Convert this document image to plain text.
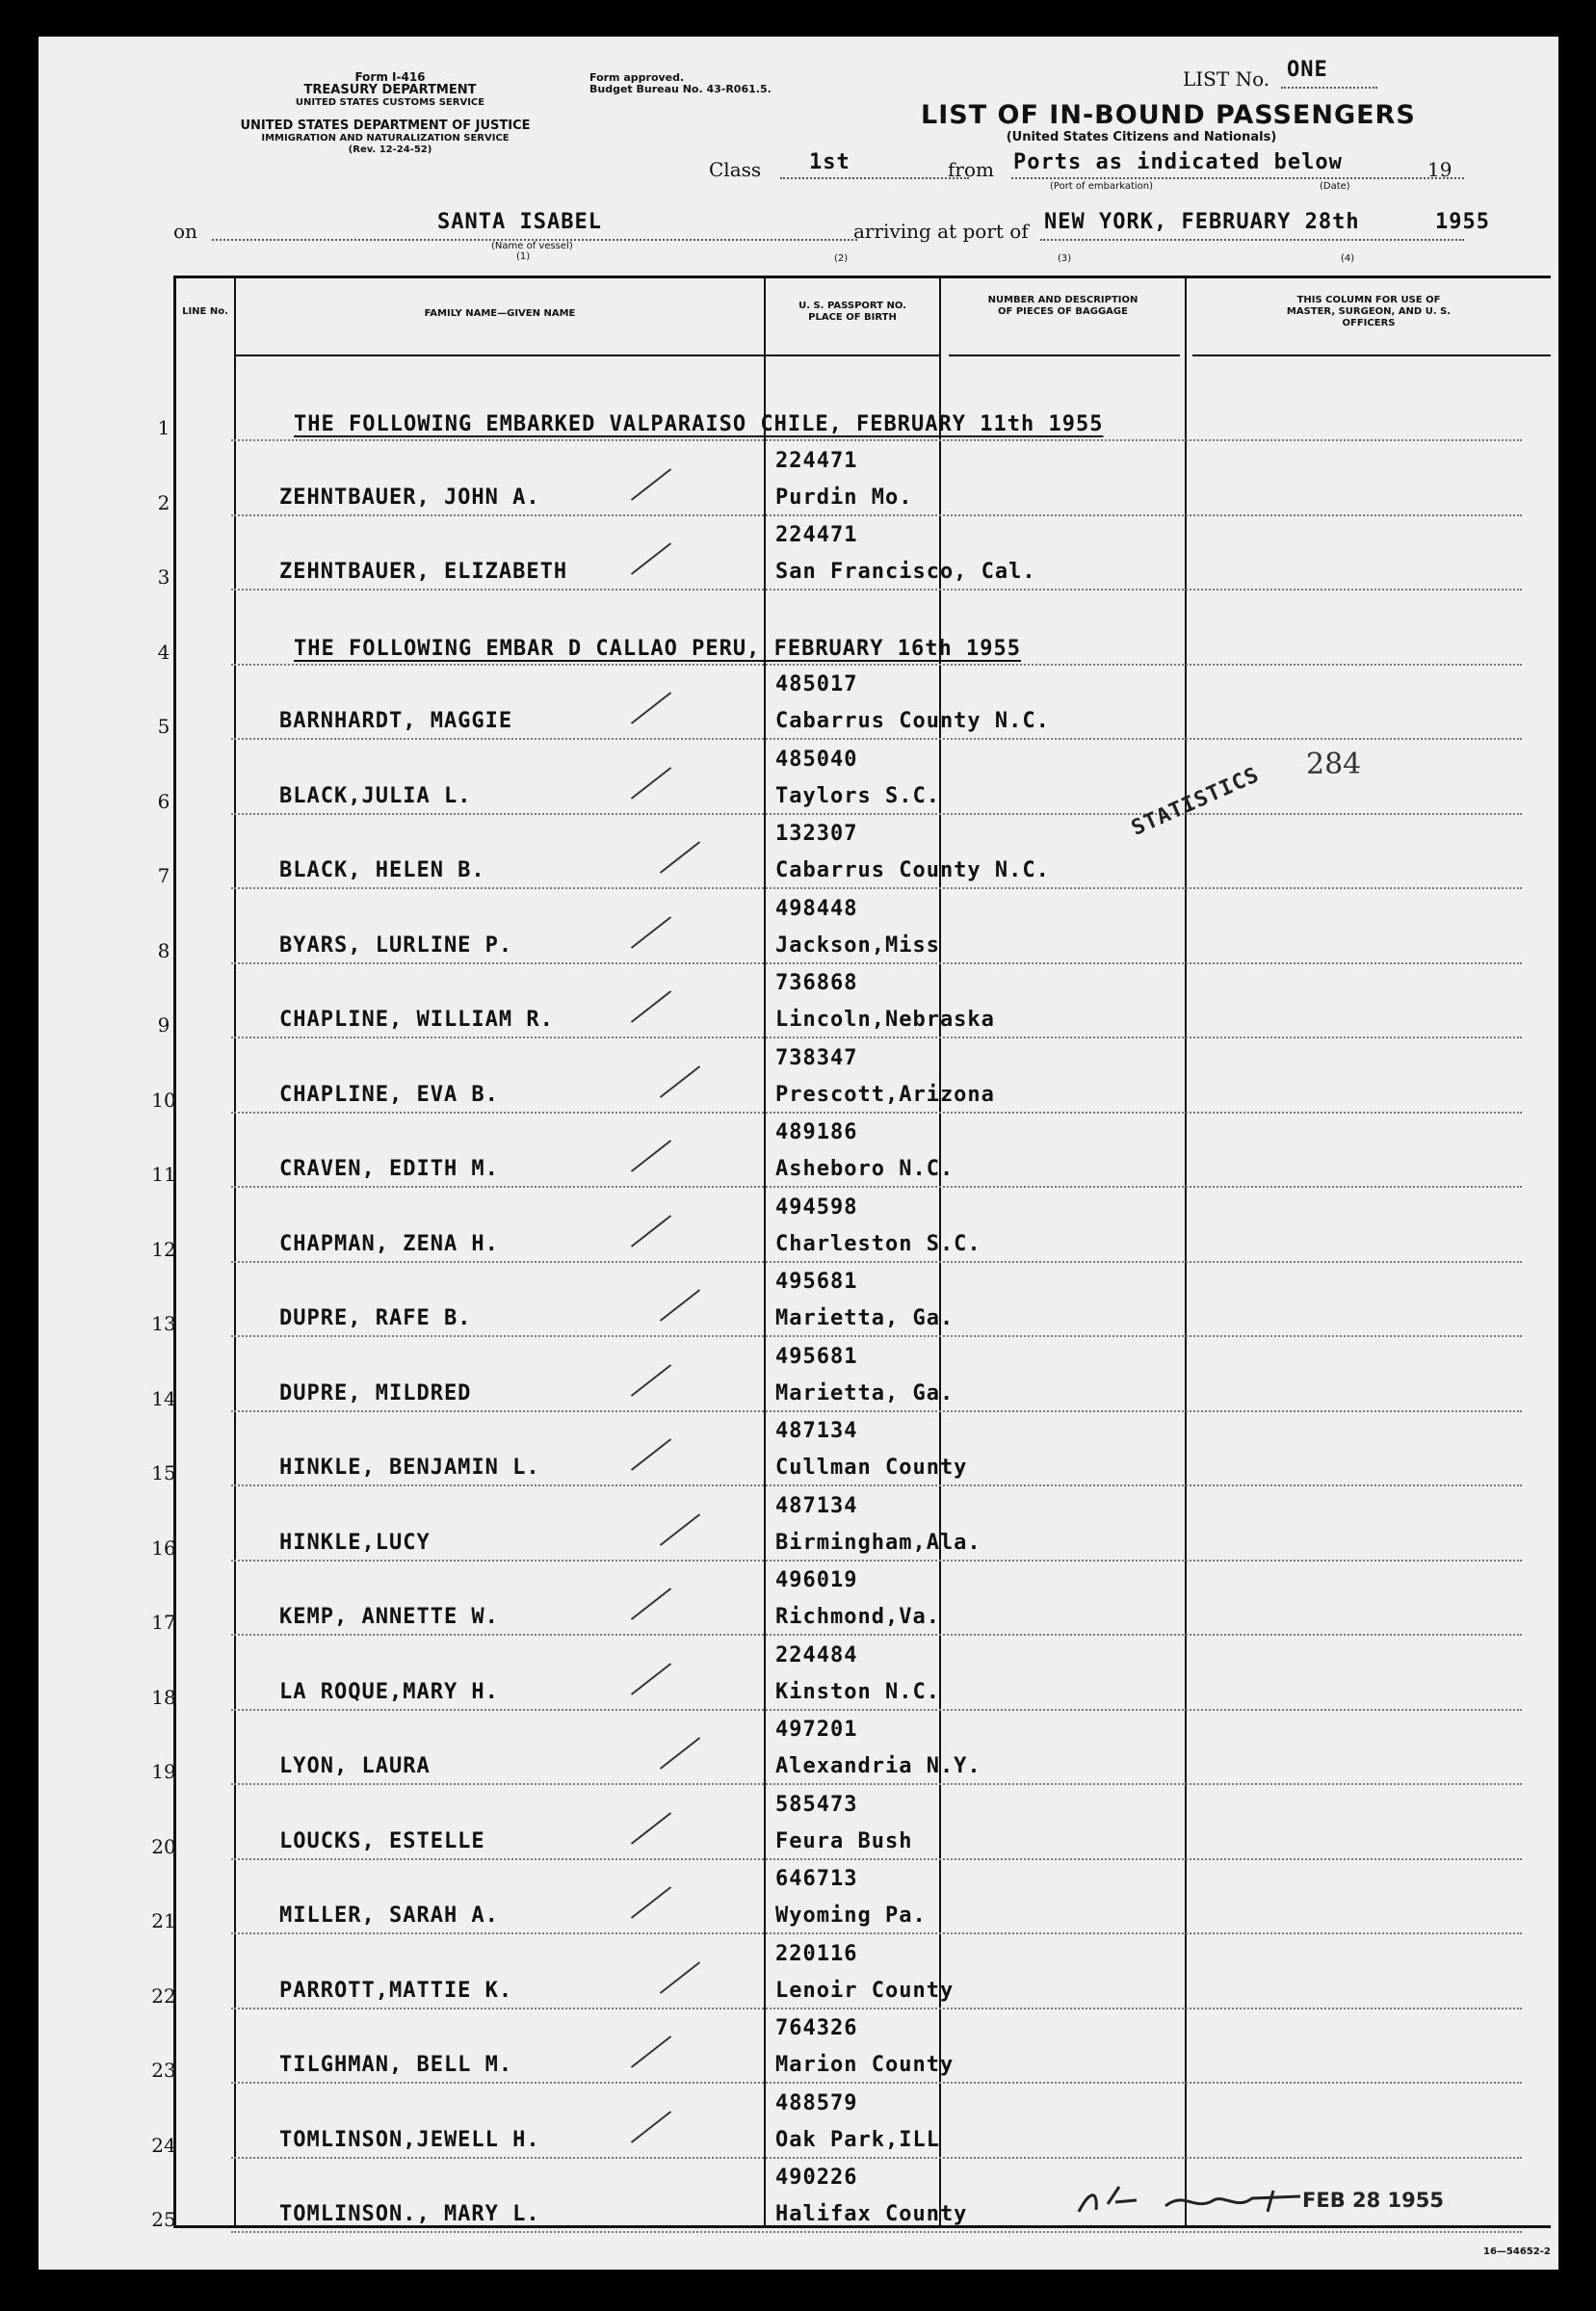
Form I-416
TREASURY DEPARTMENT
UNITED STATES CUSTOMS SERVICE
UNITED STATES DEPARTMENT OF JUSTICE
IMMIGRATION AND NATURALIZATION SERVICE
(Rev. 12-24-52)
Form approved.
Budget Bureau No. 43-R061.5.	LIST No. ONE
LIST OF IN-BOUND PASSENGERS
(United States Citizens and Nationals)
Class 1st	from Ports as indicated below
(Port of embarkation)	(Date)
19
on	SANTA ISABEL
(Name of vessel)
(1)
arriving at port of NEW YORK, FEBRUARY 28th	1955
(2)	(3)	(4)
LINE No.	FAMILY NAME—GIVEN NAME
U. S. PASSPORT NO. PLACE OF BIRTH
NUMBER AND DESCRIPTION OF PIECES OF BAGGAGE
THIS COLUMN FOR USE OF MASTER, SURGEON, AND U. S. OFFICERS
1	THE FOLLOWING EMBARKED VALPARAISO CHILE, FEBRUARY 11th 1955
2	ZEHNTBAUER, JOHN A.
224471
Purdin Mo.
3	ZEHNTBAUER, ELIZABETH
224471
San Francisco, Cal.
4	THE FOLLOWING EMBAR D CALLAO PERU, FEBRUARY 16th 1955
5	BARNHARDT, MAGGIE
485017
Cabarrus County N.C.
6	BLACK,JULIA L.
485040
Taylors S.C.
7	BLACK, HELEN B.
132307
Cabarrus County N.C.
8	BYARS, LURLINE P.
498448
Jackson,Miss
9	CHAPLINE, WILLIAM R.
736868
Lincoln,Nebraska
10	CHAPLINE, EVA B.
738347
Prescott,Arizona
11	CRAVEN, EDITH M.
489186
Asheboro N.C.
12	CHAPMAN, ZENA H.
494598
Charleston S.C.
13	DUPRE, RAFE B.
495681
Marietta, Ga.
14	DUPRE, MILDRED
495681
Marietta, Ga.
15	HINKLE, BENJAMIN L.
487134
Cullman County
16	HINKLE,LUCY
487134
Birmingham,Ala.
17	KEMP, ANNETTE W.
496019
Richmond,Va.
18	LA ROQUE,MARY H.
224484
Kinston N.C.
19	LYON, LAURA
497201
Alexandria N.Y.
20	LOUCKS, ESTELLE
585473
Feura Bush
21	MILLER, SARAH A.
646713
Wyoming Pa.
22	PARROTT,MATTIE K.
220116
Lenoir County
23	TILGHMAN, BELL M.
764326
Marion County
24	TOMLINSON,JEWELL H.
488579
Oak Park,ILL
25	TOMLINSON., MARY L.
490226
Halifax County
284
STATISTICS
FEB 28 1955
16—54652-2
